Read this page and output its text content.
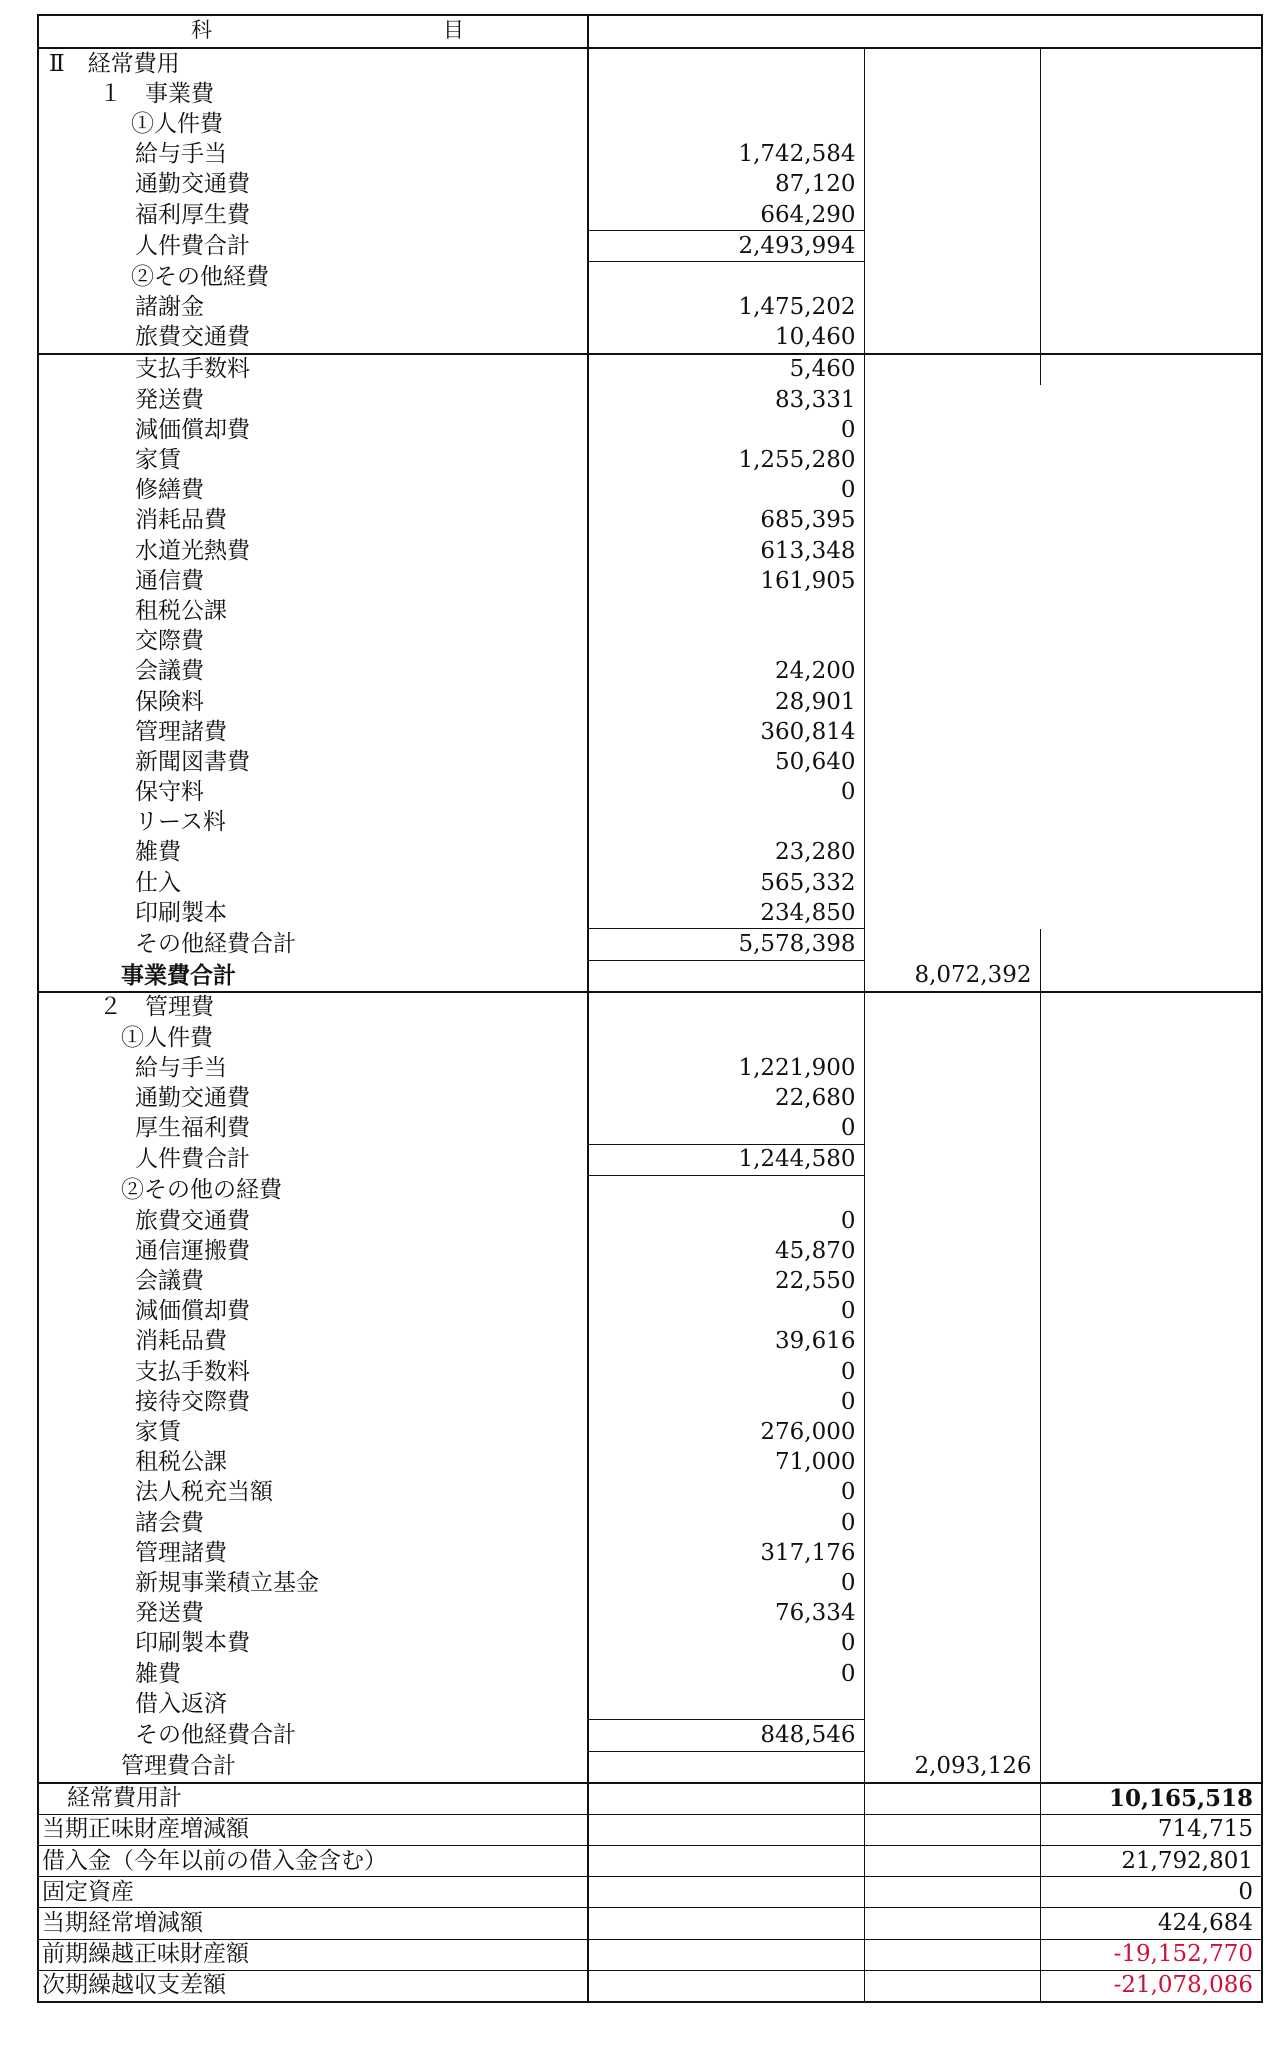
科 目			

Ⅱ　経常費用			
１　事業費			
①人件費			
給与手当	1,742,584		
通勤交通費	87,120		
福利厚生費	664,290		
人件費合計	2,493,994		
②その他経費			
諸謝金	1,475,202		
旅費交通費	10,460		
支払手数料	5,460		
発送費	83,331		
減価償却費	0		
家賃	1,255,280		
修繕費	0		
消耗品費	685,395		
水道光熱費	613,348		
通信費	161,905		
租税公課			
交際費			
会議費	24,200		
保険料	28,901		
管理諸費	360,814		
新聞図書費	50,640		
保守料	0		
リース料			
雑費	23,280		
仕入	565,332		
印刷製本	234,850		
その他経費合計	5,578,398		
事業費合計		8,072,392	
２　管理費			
①人件費			
給与手当	1,221,900		
通勤交通費	22,680		
厚生福利費	0		
人件費合計	1,244,580		
②その他の経費			
旅費交通費	0		
通信運搬費	45,870		
会議費	22,550		
減価償却費	0		
消耗品費	39,616		
支払手数料	0		
接待交際費	0		
家賃	276,000		
租税公課	71,000		
法人税充当額	0		
諸会費	0		
管理諸費	317,176		
新規事業積立基金	0		
発送費	76,334		
印刷製本費	0		
雑費	0		
借入返済			
その他経費合計	848,546		
管理費合計		2,093,126	
経常費用計			10,165,518
当期正味財産増減額			714,715
借入金（今年以前の借入金含む）			21,792,801
固定資産			0
当期経常増減額			424,684
前期繰越正味財産額			-19,152,770
次期繰越収支差額			-21,078,086
